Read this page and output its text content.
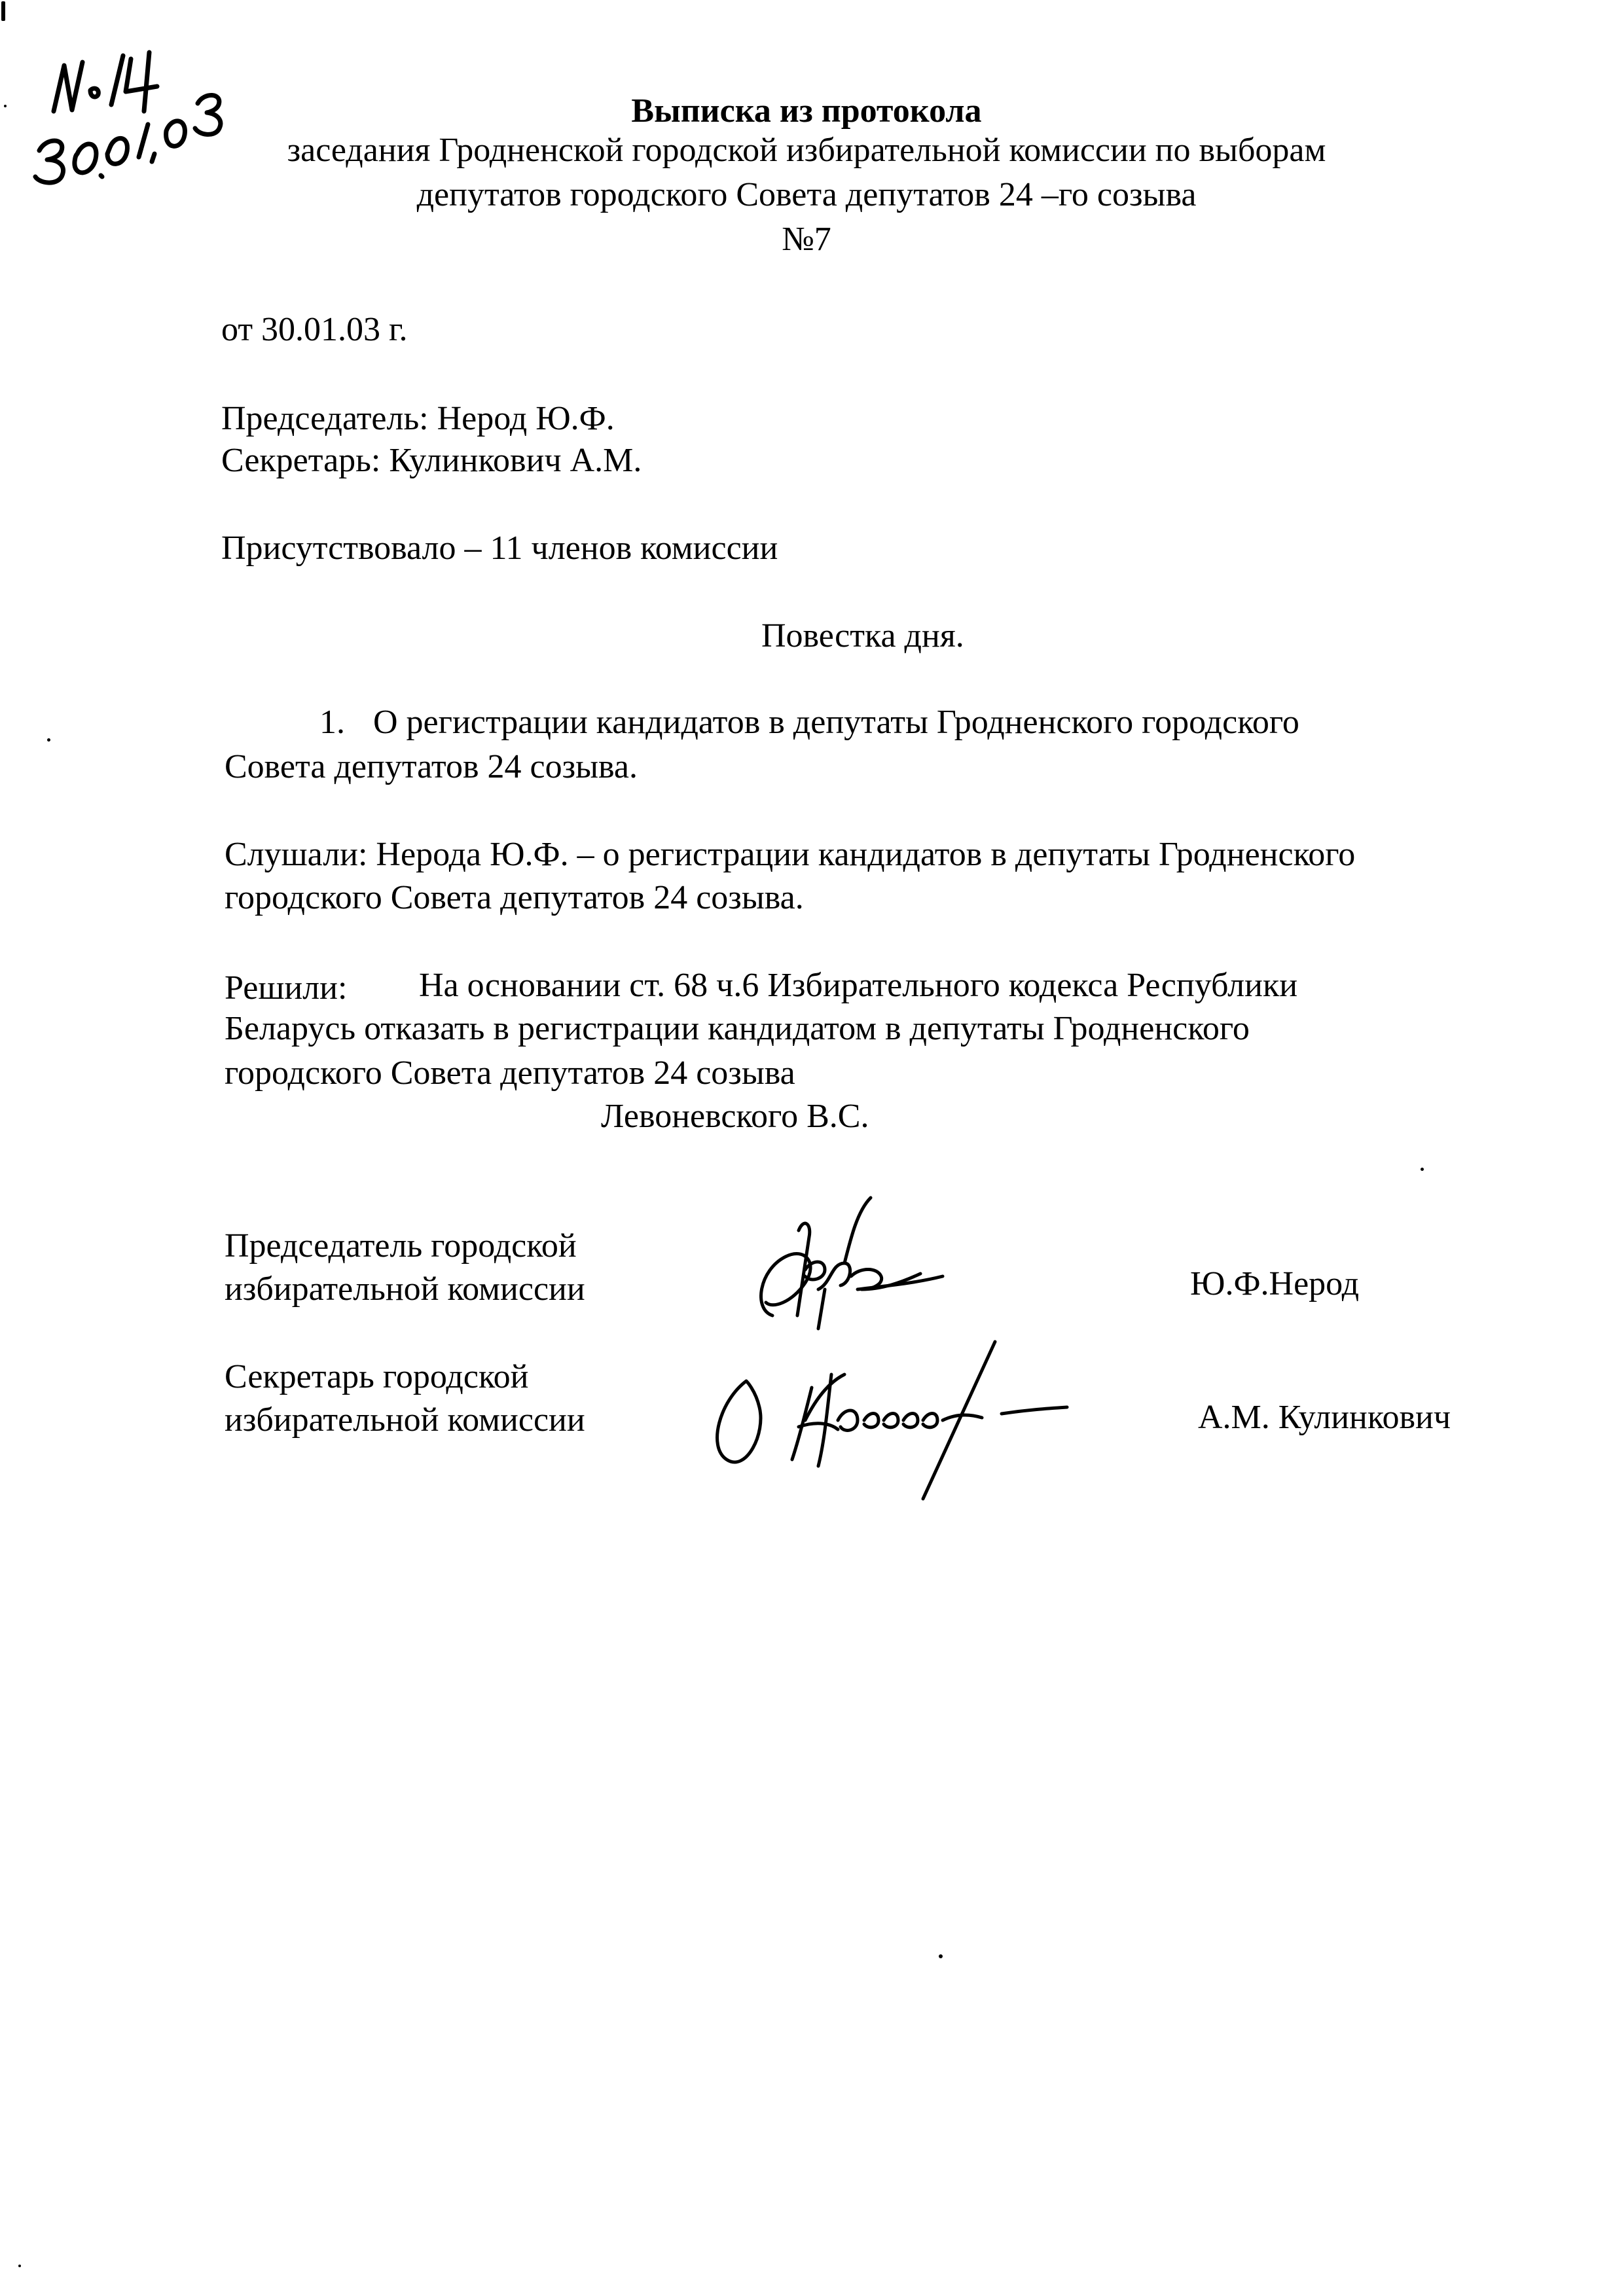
Выписка из протокола
заседания Гродненской городской избирательной комиссии по выборам
депутатов городского Совета депутатов 24 –го созыва
№7
от 30.01.03 г.
Председатель: Нерод Ю.Ф.
Секретарь: Кулинкович А.М.
Присутствовало – 11 членов комиссии
Повестка дня.
1. О регистрации кандидатов в депутаты Гродненского городского
Совета депутатов 24 созыва.
Слушали: Нерода Ю.Ф. – о регистрации кандидатов в депутаты Гродненского
городского Совета депутатов 24 созыва.
Решили: На основании ст. 68 ч.6 Избирательного кодекса Республики
Беларусь отказать в регистрации кандидатом в депутаты Гродненского
городского Совета депутатов 24 созыва
Левоневского В.С.
Председатель городской
избирательной комиссии	Ю.Ф.Нерод
Секретарь городской
избирательной комиссии	А.М. Кулинкович
